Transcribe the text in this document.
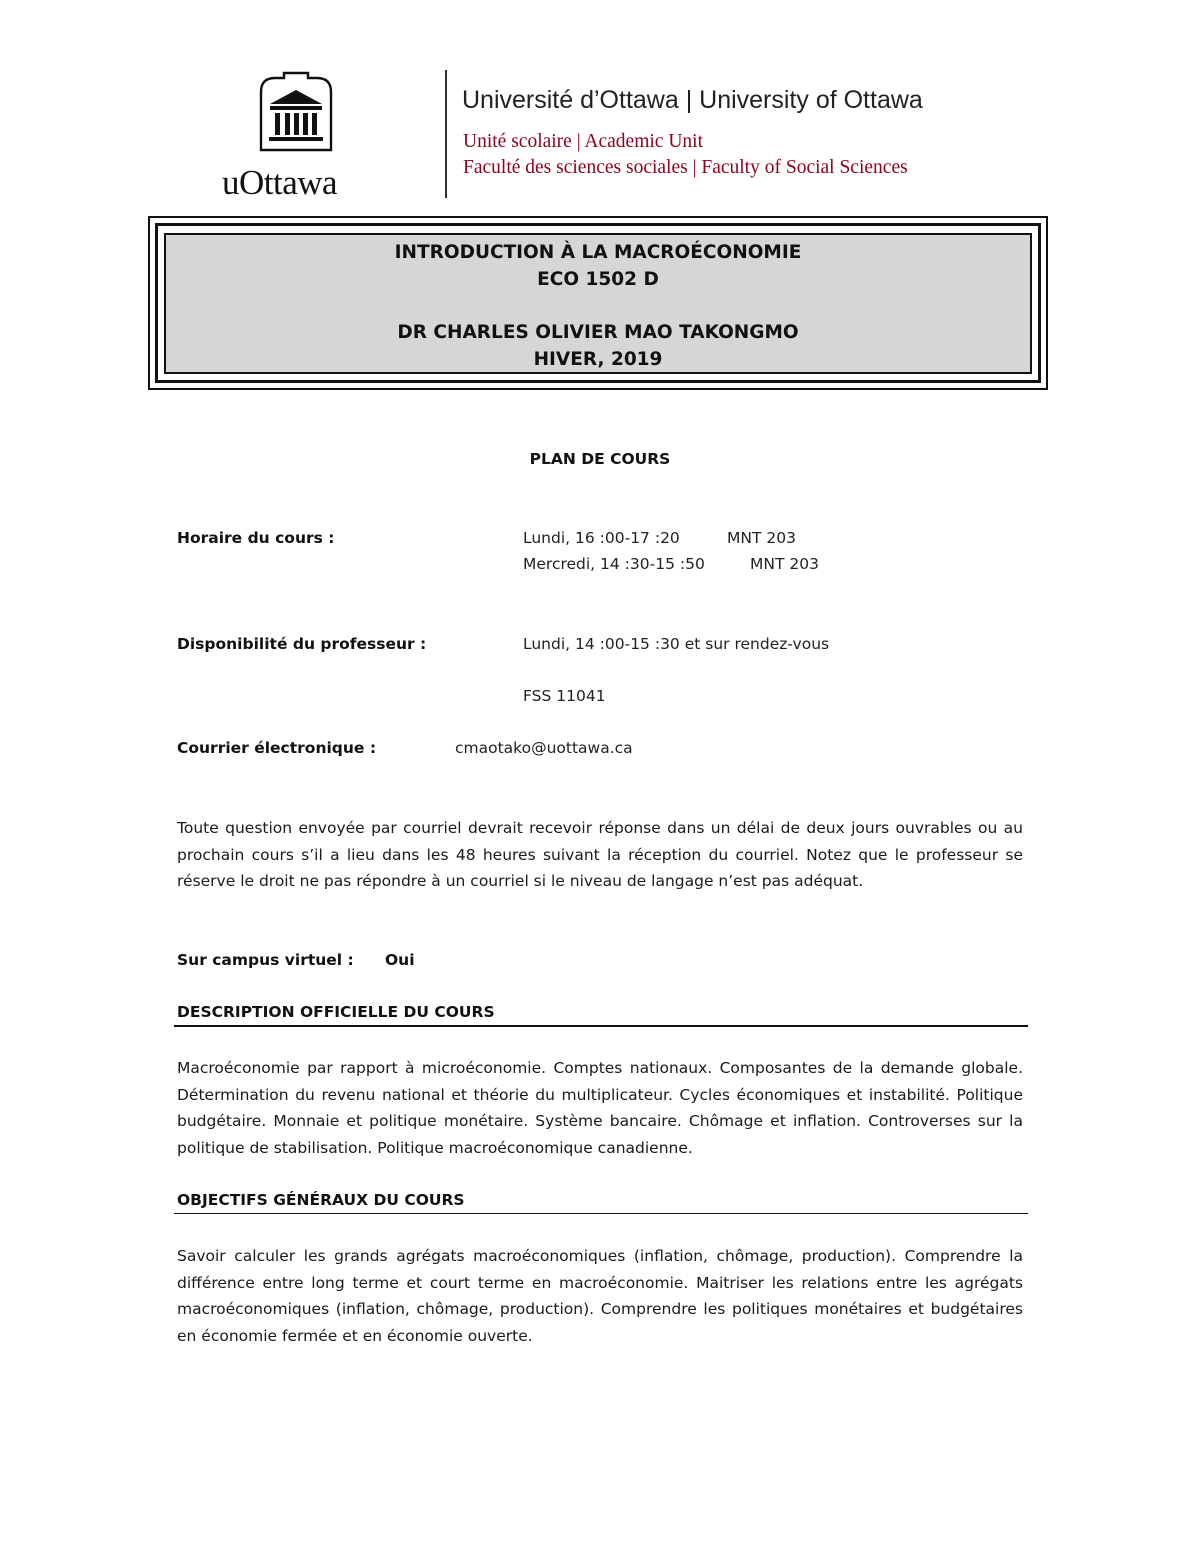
uOttawa
Université d’Ottawa | University of Ottawa
Unité scolaire | Academic Unit
Faculté des sciences sociales | Faculty of Social Sciences
INTRODUCTION À LA MACROÉCONOMIE
ECO 1502 D
DR CHARLES OLIVIER MAO TAKONGMO
HIVER, 2019
PLAN DE COURS
Horaire du cours :	Lundi, 16 :00-17 :20	MNT 203
Mercredi, 14 :30-15 :50	MNT 203
Disponibilité du professeur :	Lundi, 14 :00-15 :30 et sur rendez-vous
FSS 11041
Courrier électronique :	cmaotako@uottawa.ca
Toute question envoyée par courriel devrait recevoir réponse dans un délai de deux jours ouvrables ou au prochain cours s’il a lieu dans les 48 heures suivant la réception du courriel. Notez que le professeur se réserve le droit ne pas répondre à un courriel si le niveau de langage n’est pas adéquat.
Sur campus virtuel : Oui
DESCRIPTION OFFICIELLE DU COURS
Macroéconomie par rapport à microéconomie. Comptes nationaux. Composantes de la demande globale. Détermination du revenu national et théorie du multiplicateur. Cycles économiques et instabilité. Politique budgétaire. Monnaie et politique monétaire. Système bancaire. Chômage et inflation. Controverses sur la politique de stabilisation. Politique macroéconomique canadienne.
OBJECTIFS GÉNÉRAUX DU COURS
Savoir calculer les grands agrégats macroéconomiques (inflation, chômage, production). Comprendre la différence entre long terme et court terme en macroéconomie. Maitriser les relations entre les agrégats macroéconomiques (inflation, chômage, production). Comprendre les politiques monétaires et budgétaires en économie fermée et en économie ouverte.
